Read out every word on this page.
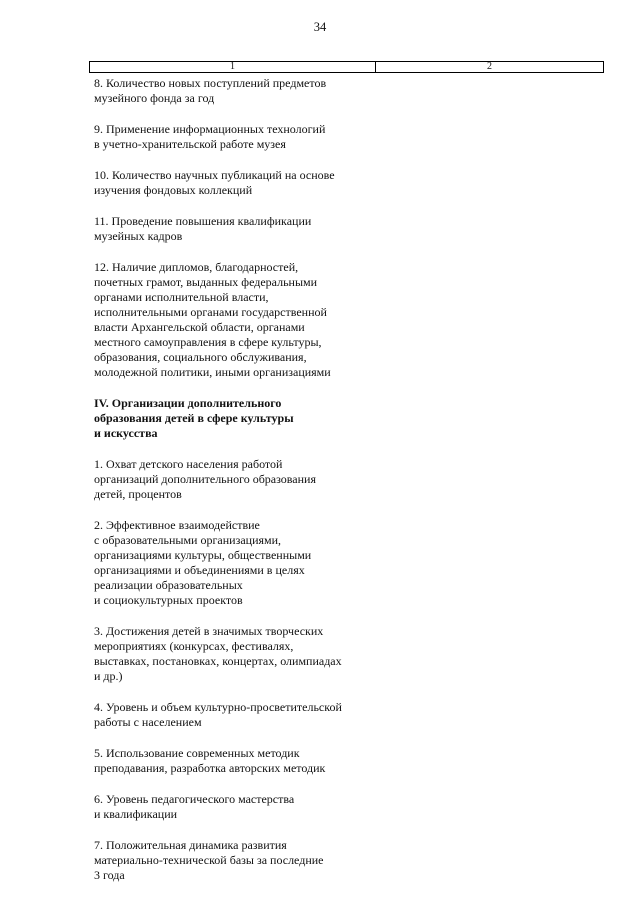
34
1	2

8. Количество новых поступлений предметов
музейного фонда за год

9. Применение информационных технологий
в учетно-хранительской работе музея

10. Количество научных публикаций на основе
изучения фондовых коллекций

11. Проведение повышения квалификации
музейных кадров

12. Наличие дипломов, благодарностей,
почетных грамот, выданных федеральными
органами исполнительной власти,
исполнительными органами государственной
власти Архангельской области, органами
местного самоуправления в сфере культуры,
образования, социального обслуживания,
молодежной политики, иными организациями

IV. Организации дополнительного
образования детей в сфере культуры
и искусства

1. Охват детского населения работой
организаций дополнительного образования
детей, процентов

2. Эффективное взаимодействие
с образовательными организациями,
организациями культуры, общественными
организациями и объединениями в целях
реализации образовательных
и социокультурных проектов

3. Достижения детей в значимых творческих
мероприятиях (конкурсах, фестивалях,
выставках, постановках, концертах, олимпиадах
и др.)

4. Уровень и объем культурно-просветительской
работы с населением

5. Использование современных методик
преподавания, разработка авторских методик

6. Уровень педагогического мастерства
и квалификации

7. Положительная динамика развития
материально-технической базы за последние
3 года
